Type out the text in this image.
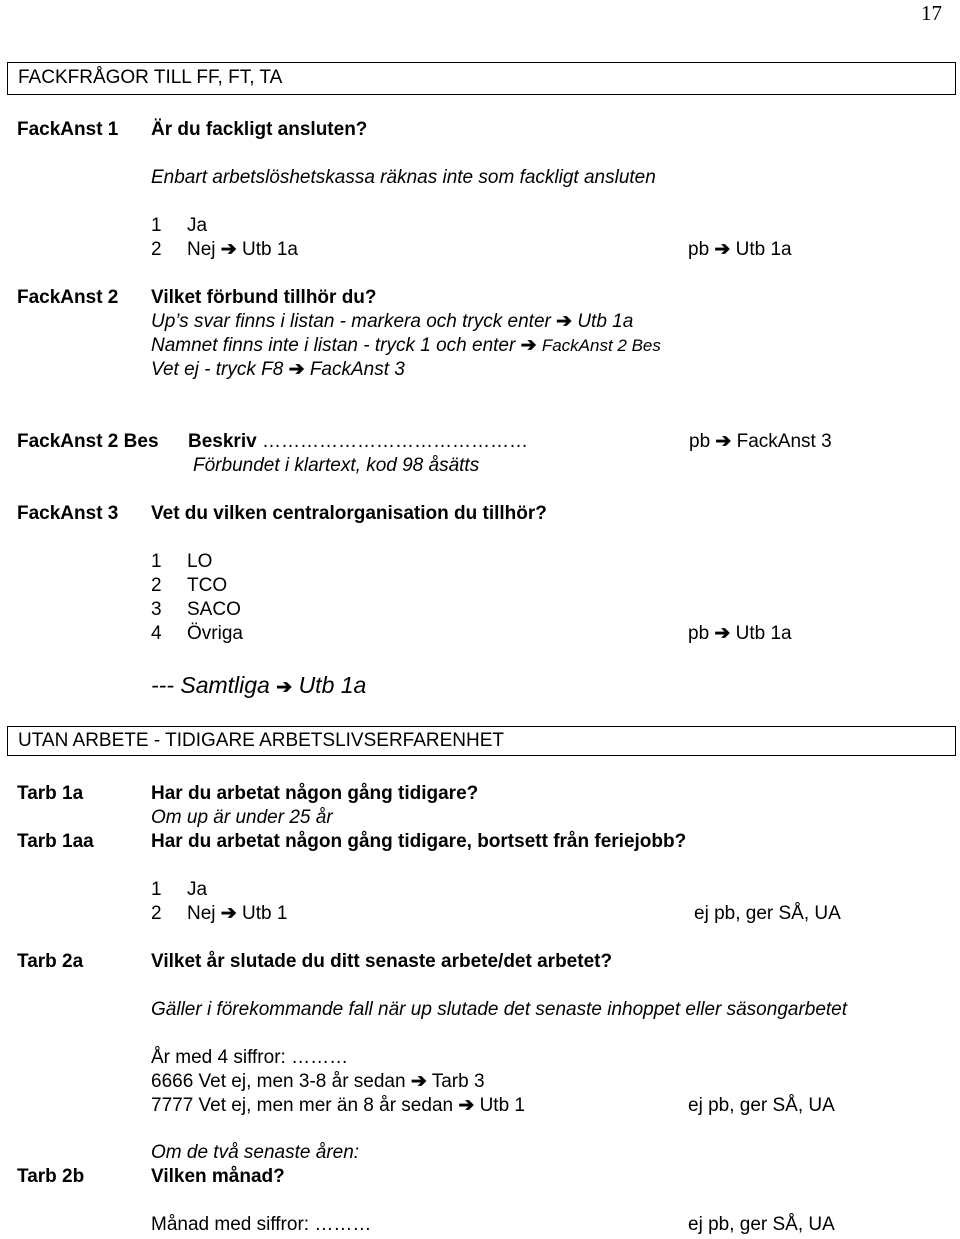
17
FACKFRÅGOR TILL FF, FT, TA
FackAnst 1 Är du fackligt ansluten?
Enbart arbetslöshetskassa räknas inte som fackligt ansluten
1 Ja
2 Nej ➔ Utb 1a	pb ➔ Utb 1a
FackAnst 2 Vilket förbund tillhör du?
Up’s svar finns i listan - markera och tryck enter ➔ Utb 1a
Namnet finns inte i listan - tryck 1 och enter ➔ FackAnst 2 Bes
Vet ej - tryck F8 ➔ FackAnst 3
FackAnst 2 Bes Beskriv ……………………………………	pb ➔ FackAnst 3
Förbundet i klartext, kod 98 åsätts
FackAnst 3 Vet du vilken centralorganisation du tillhör?
1 LO
2 TCO
3 SACO
4 Övriga	pb ➔ Utb 1a
--- Samtliga ➔ Utb 1a
UTAN ARBETE - TIDIGARE ARBETSLIVSERFARENHET
Tarb 1a	Har du arbetat någon gång tidigare?
Om up är under 25 år
Tarb 1aa	Har du arbetat någon gång tidigare, bortsett från feriejobb?
1 Ja
2 Nej ➔ Utb 1	ej pb, ger SÅ, UA
Tarb 2a	Vilket år slutade du ditt senaste arbete/det arbetet?
Gäller i förekommande fall när up slutade det senaste inhoppet eller säsongarbetet
År med 4 siffror: ………
6666 Vet ej, men 3-8 år sedan ➔ Tarb 3
7777 Vet ej, men mer än 8 år sedan ➔ Utb 1	ej pb, ger SÅ, UA
Om de två senaste åren:
Tarb 2b	Vilken månad?
Månad med siffror: ………	ej pb, ger SÅ, UA
